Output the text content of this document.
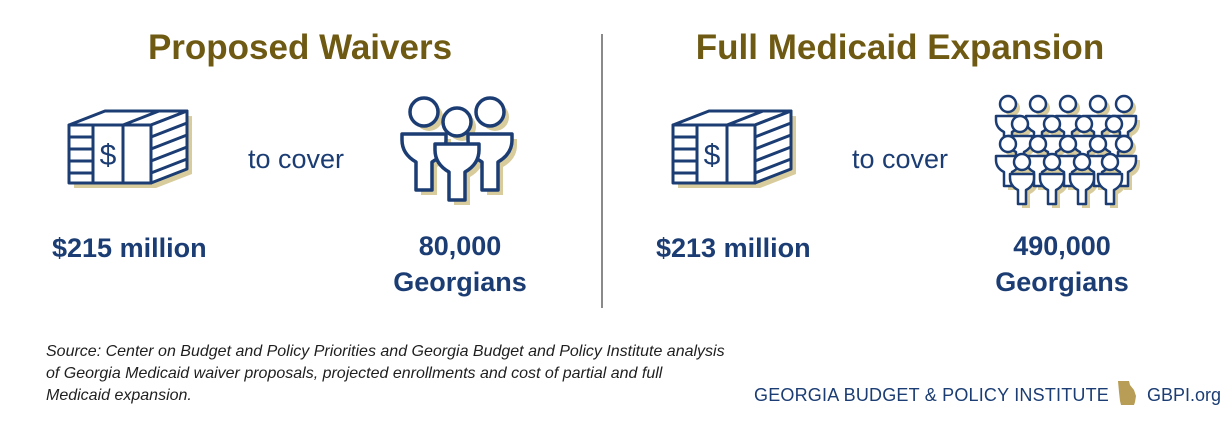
Proposed Waivers	Full Medicaid Expansion
$	to cover
$215 million	80,000
Georgians
$	to cover
$213 million	490,000
Georgians
Source: Center on Budget and Policy Priorities and Georgia Budget and Policy Institute analysis of Georgia Medicaid waiver proposals, projected enrollments and cost of partial and full Medicaid expansion.	GEORGIA BUDGET & POLICY INSTITUTE GBPI.org
